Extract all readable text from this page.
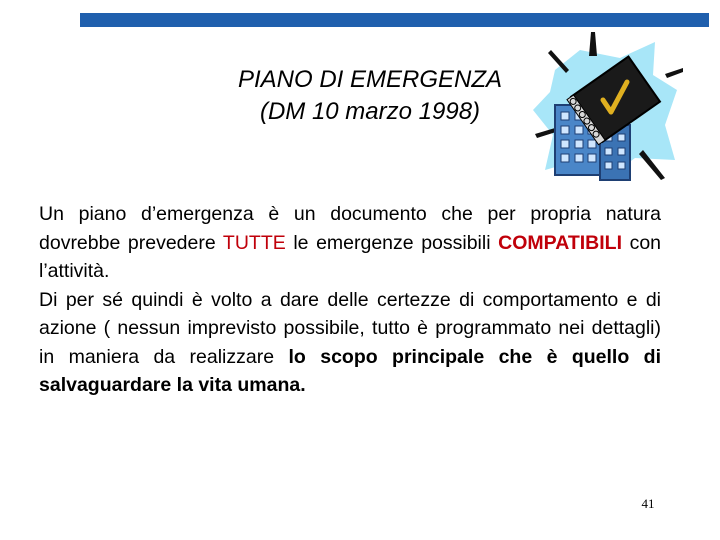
PIANO DI EMERGENZA
(DM 10 marzo 1998)

Un piano d’emergenza è un documento che per propria natura dovrebbe prevedere TUTTE le emergenze possibili COMPATIBILI con l’attività.

Di per sé quindi è volto a dare delle certezze di comportamento e di azione ( nessun imprevisto possibile, tutto è programmato nei dettagli) in maniera da realizzare lo scopo principale che è quello di salvaguardare la vita umana.

41
